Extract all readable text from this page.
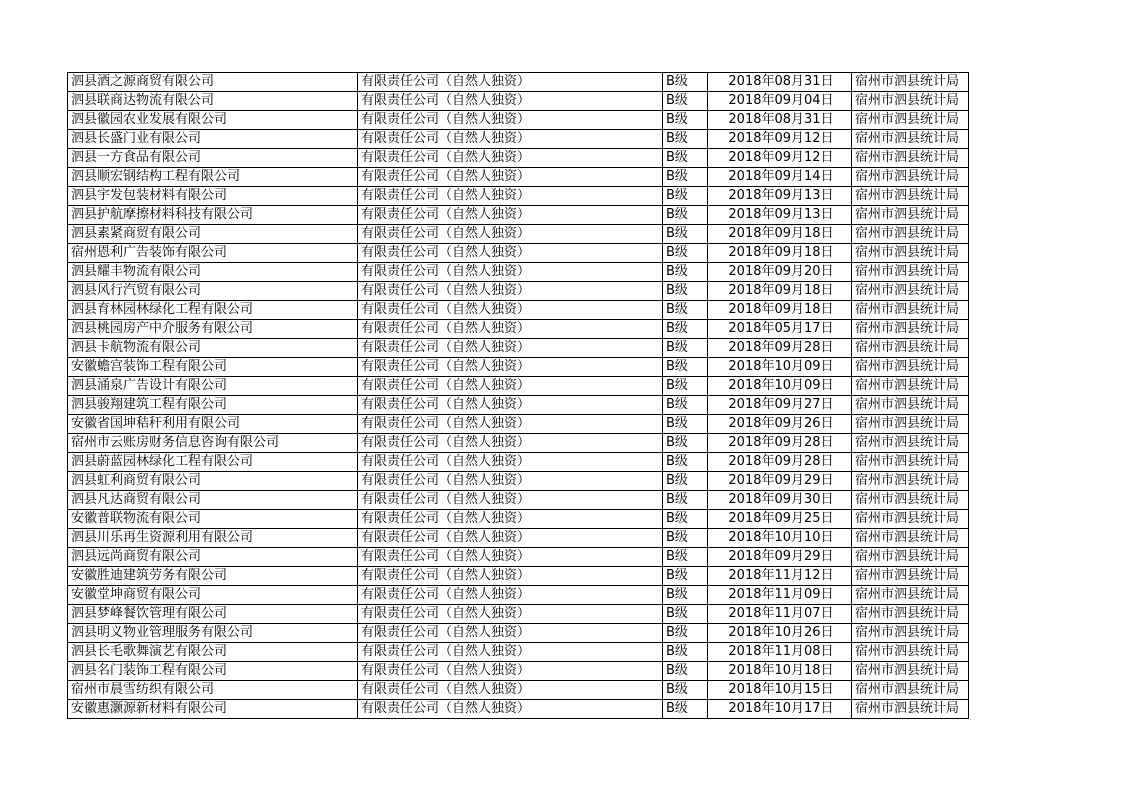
泗县酒之源商贸有限公司	有限责任公司（自然人独资）	B级	2018年08月31日	宿州市泗县统计局
泗县联商达物流有限公司	有限责任公司（自然人独资）	B级	2018年09月04日	宿州市泗县统计局
泗县徽园农业发展有限公司	有限责任公司（自然人独资）	B级	2018年08月31日	宿州市泗县统计局
泗县长盛门业有限公司	有限责任公司（自然人独资）	B级	2018年09月12日	宿州市泗县统计局
泗县一方食品有限公司	有限责任公司（自然人独资）	B级	2018年09月12日	宿州市泗县统计局
泗县顺宏钢结构工程有限公司	有限责任公司（自然人独资）	B级	2018年09月14日	宿州市泗县统计局
泗县宇发包装材料有限公司	有限责任公司（自然人独资）	B级	2018年09月13日	宿州市泗县统计局
泗县护航摩擦材料科技有限公司	有限责任公司（自然人独资）	B级	2018年09月13日	宿州市泗县统计局
泗县素紧商贸有限公司	有限责任公司（自然人独资）	B级	2018年09月18日	宿州市泗县统计局
宿州恩利广告装饰有限公司	有限责任公司（自然人独资）	B级	2018年09月18日	宿州市泗县统计局
泗县耀丰物流有限公司	有限责任公司（自然人独资）	B级	2018年09月20日	宿州市泗县统计局
泗县风行汽贸有限公司	有限责任公司（自然人独资）	B级	2018年09月18日	宿州市泗县统计局
泗县育林园林绿化工程有限公司	有限责任公司（自然人独资）	B级	2018年09月18日	宿州市泗县统计局
泗县桃园房产中介服务有限公司	有限责任公司（自然人独资）	B级	2018年05月17日	宿州市泗县统计局
泗县卡航物流有限公司	有限责任公司（自然人独资）	B级	2018年09月28日	宿州市泗县统计局
安徽蟾宫装饰工程有限公司	有限责任公司（自然人独资）	B级	2018年10月09日	宿州市泗县统计局
泗县涌泉广告设计有限公司	有限责任公司（自然人独资）	B级	2018年10月09日	宿州市泗县统计局
泗县骏翔建筑工程有限公司	有限责任公司（自然人独资）	B级	2018年09月27日	宿州市泗县统计局
安徽省国坤秸秆利用有限公司	有限责任公司（自然人独资）	B级	2018年09月26日	宿州市泗县统计局
宿州市云账房财务信息咨询有限公司	有限责任公司（自然人独资）	B级	2018年09月28日	宿州市泗县统计局
泗县蔚蓝园林绿化工程有限公司	有限责任公司（自然人独资）	B级	2018年09月28日	宿州市泗县统计局
泗县虹利商贸有限公司	有限责任公司（自然人独资）	B级	2018年09月29日	宿州市泗县统计局
泗县凡达商贸有限公司	有限责任公司（自然人独资）	B级	2018年09月30日	宿州市泗县统计局
安徽普联物流有限公司	有限责任公司（自然人独资）	B级	2018年09月25日	宿州市泗县统计局
泗县川乐再生资源利用有限公司	有限责任公司（自然人独资）	B级	2018年10月10日	宿州市泗县统计局
泗县远尚商贸有限公司	有限责任公司（自然人独资）	B级	2018年09月29日	宿州市泗县统计局
安徽胜迪建筑劳务有限公司	有限责任公司（自然人独资）	B级	2018年11月12日	宿州市泗县统计局
安徽堂坤商贸有限公司	有限责任公司（自然人独资）	B级	2018年11月09日	宿州市泗县统计局
泗县梦峰餐饮管理有限公司	有限责任公司（自然人独资）	B级	2018年11月07日	宿州市泗县统计局
泗县明义物业管理服务有限公司	有限责任公司（自然人独资）	B级	2018年10月26日	宿州市泗县统计局
泗县长毛歌舞演艺有限公司	有限责任公司（自然人独资）	B级	2018年11月08日	宿州市泗县统计局
泗县名门装饰工程有限公司	有限责任公司（自然人独资）	B级	2018年10月18日	宿州市泗县统计局
宿州市晨雪纺织有限公司	有限责任公司（自然人独资）	B级	2018年10月15日	宿州市泗县统计局
安徽惠灏源新材料有限公司	有限责任公司（自然人独资）	B级	2018年10月17日	宿州市泗县统计局
